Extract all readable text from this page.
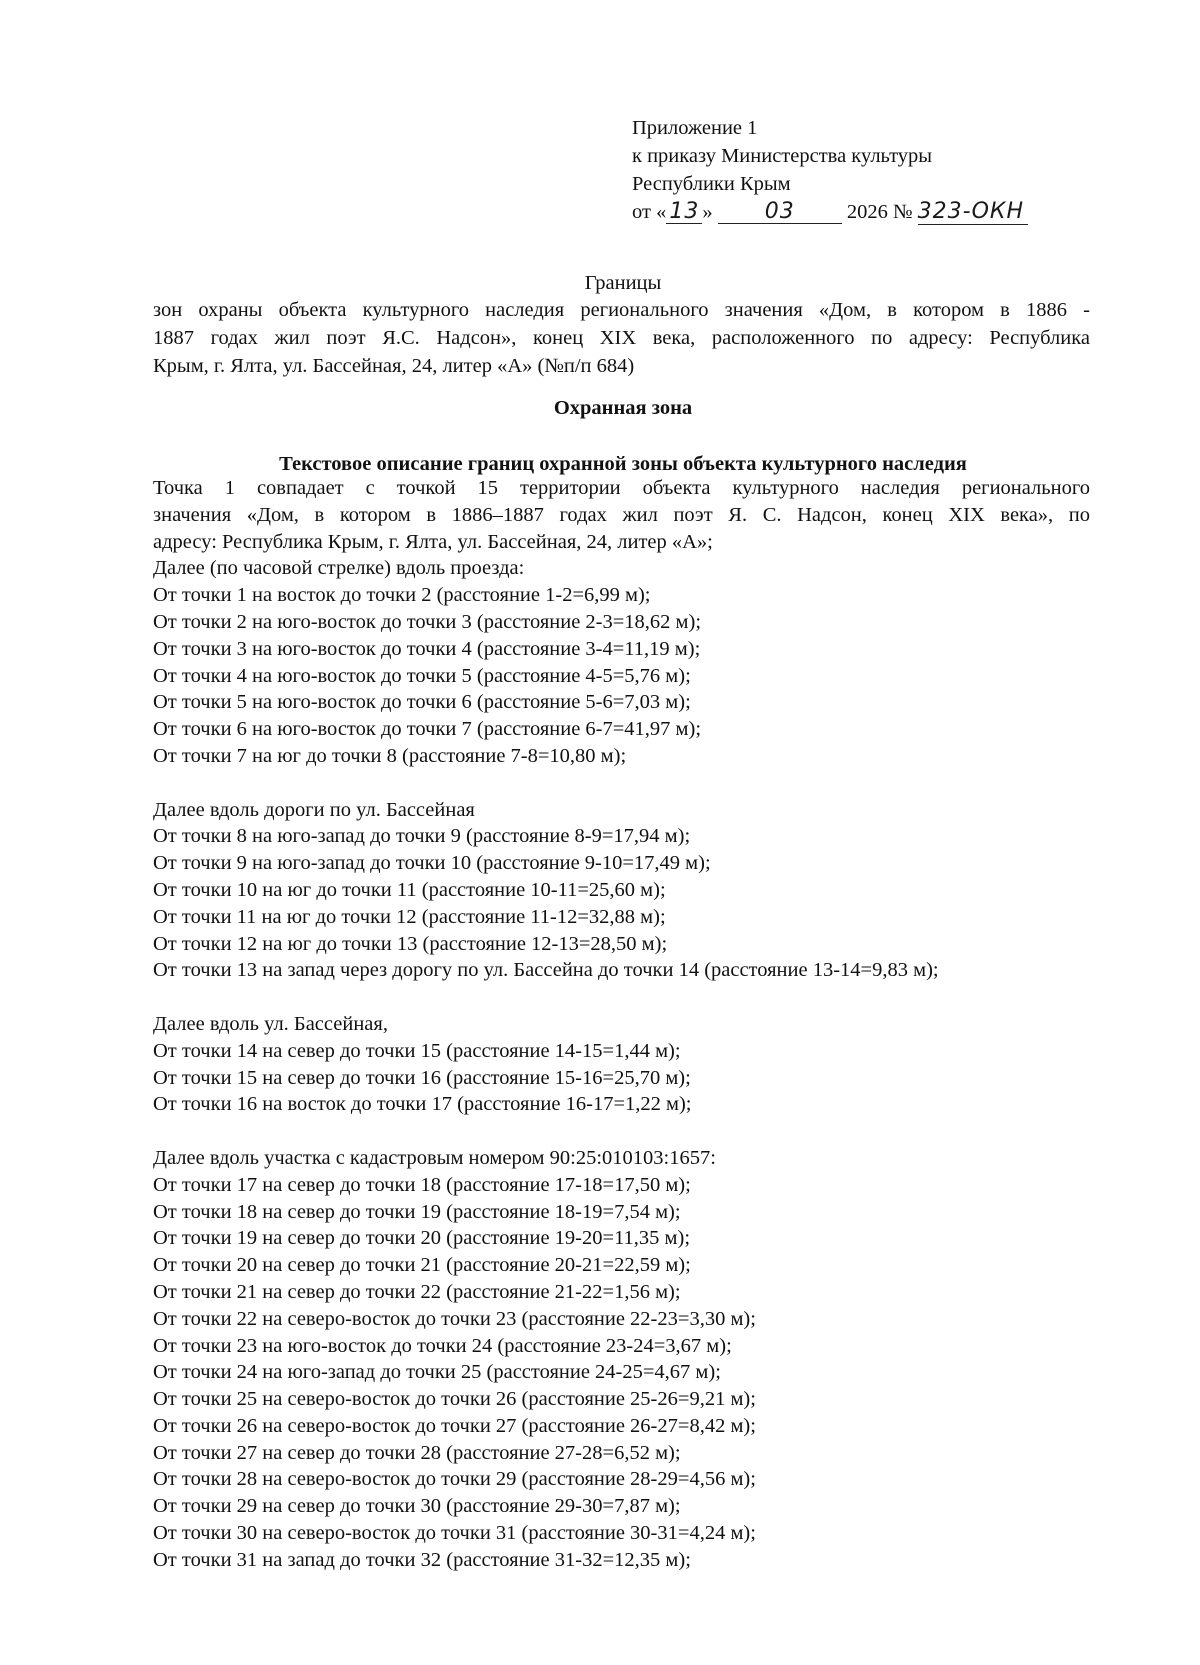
Приложение 1
к приказу Министерства культуры
Республики Крым
от « 13 » 03	2026 № 323-ОКН
Границы
зон охраны объекта культурного наследия регионального значения «Дом, в котором в 1886 -
1887 годах жил поэт Я.С. Надсон», конец XIX века, расположенного по адресу: Республика
Крым, г. Ялта, ул. Бассейная, 24, литер «А» (№п/п 684)
Охранная зона
Текстовое описание границ охранной зоны объекта культурного наследия
Точка 1 совпадает с точкой 15 территории объекта культурного наследия регионального
значения «Дом, в котором в 1886–1887 годах жил поэт Я. С. Надсон, конец XIX века», по
адресу: Республика Крым, г. Ялта, ул. Бассейная, 24, литер «А»;
Далее (по часовой стрелке) вдоль проезда:
От точки 1 на восток до точки 2 (расстояние 1-2=6,99 м);
От точки 2 на юго-восток до точки 3 (расстояние 2-3=18,62 м);
От точки 3 на юго-восток до точки 4 (расстояние 3-4=11,19 м);
От точки 4 на юго-восток до точки 5 (расстояние 4-5=5,76 м);
От точки 5 на юго-восток до точки 6 (расстояние 5-6=7,03 м);
От точки 6 на юго-восток до точки 7 (расстояние 6-7=41,97 м);
От точки 7 на юг до точки 8 (расстояние 7-8=10,80 м);
Далее вдоль дороги по ул. Бассейная
От точки 8 на юго-запад до точки 9 (расстояние 8-9=17,94 м);
От точки 9 на юго-запад до точки 10 (расстояние 9-10=17,49 м);
От точки 10 на юг до точки 11 (расстояние 10-11=25,60 м);
От точки 11 на юг до точки 12 (расстояние 11-12=32,88 м);
От точки 12 на юг до точки 13 (расстояние 12-13=28,50 м);
От точки 13 на запад через дорогу по ул. Бассейна до точки 14 (расстояние 13-14=9,83 м);
Далее вдоль ул. Бассейная,
От точки 14 на север до точки 15 (расстояние 14-15=1,44 м);
От точки 15 на север до точки 16 (расстояние 15-16=25,70 м);
От точки 16 на восток до точки 17 (расстояние 16-17=1,22 м);
Далее вдоль участка с кадастровым номером 90:25:010103:1657:
От точки 17 на север до точки 18 (расстояние 17-18=17,50 м);
От точки 18 на север до точки 19 (расстояние 18-19=7,54 м);
От точки 19 на север до точки 20 (расстояние 19-20=11,35 м);
От точки 20 на север до точки 21 (расстояние 20-21=22,59 м);
От точки 21 на север до точки 22 (расстояние 21-22=1,56 м);
От точки 22 на северо-восток до точки 23 (расстояние 22-23=3,30 м);
От точки 23 на юго-восток до точки 24 (расстояние 23-24=3,67 м);
От точки 24 на юго-запад до точки 25 (расстояние 24-25=4,67 м);
От точки 25 на северо-восток до точки 26 (расстояние 25-26=9,21 м);
От точки 26 на северо-восток до точки 27 (расстояние 26-27=8,42 м);
От точки 27 на север до точки 28 (расстояние 27-28=6,52 м);
От точки 28 на северо-восток до точки 29 (расстояние 28-29=4,56 м);
От точки 29 на север до точки 30 (расстояние 29-30=7,87 м);
От точки 30 на северо-восток до точки 31 (расстояние 30-31=4,24 м);
От точки 31 на запад до точки 32 (расстояние 31-32=12,35 м);
